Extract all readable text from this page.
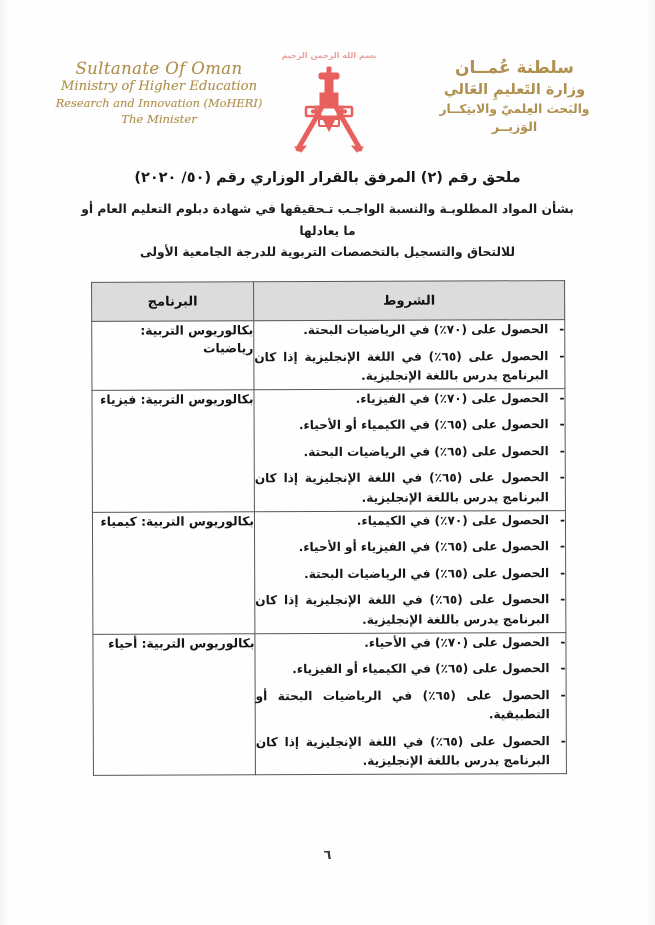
Sultanate Of Oman
Ministry of Higher Education
Research and Innovation (MoHERI)
The Minister
بسم الله الرحمن الرحيم
سلطنة عُمــان
وزارة التَعليمِ العَالي
والبَحث العِلميّ والابتِكــار
الوَزيــر
ملحق رقم (٢) المرفق بالقرار الوزاري رقم (٥٠/ ٢٠٢٠)
بشأن المواد المطلوبـة والنسبة الواجـب تـحقيقها في شهادة دبلوم التعليم العام أو ما يعادلها
للالتحاق والتسجيل بالتخصصات التربوية للدرجة الجامعية الأولى
الشروط	البرنامج

-
الحصول على (٧٠٪) في الرياضيات البحتة.
-
الحصول على (٦٥٪) في اللغة الإنجليزية إذا كان البرنامج يدرس باللغة الإنجليزية.
	بكالوريوس التربية: رياضيات

-
الحصول على (٧٠٪) في الفيزياء.
-
الحصول على (٦٥٪) في الكيمياء أو الأحياء.
-
الحصول على (٦٥٪) في الرياضيات البحتة.
-
الحصول على (٦٥٪) في اللغة الإنجليزية إذا كان البرنامج يدرس باللغة الإنجليزية.
	بكالوريوس التربية: فيزياء

-
الحصول على (٧٠٪) في الكيمياء.
-
الحصول على (٦٥٪) في الفيزياء أو الأحياء.
-
الحصول على (٦٥٪) في الرياضيات البحتة.
-
الحصول على (٦٥٪) في اللغة الإنجليزية إذا كان البرنامج يدرس باللغة الإنجليزية.
	بكالوريوس التربية: كيمياء

-
الحصول على (٧٠٪) في الأحياء.
-
الحصول على (٦٥٪) في الكيمياء أو الفيزياء.
-
الحصول على (٦٥٪) في الرياضيات البحتة أو التطبيقية.
-
الحصول على (٦٥٪) في اللغة الإنجليزية إذا كان البرنامج يدرس باللغة الإنجليزية.
	بكالوريوس التربية: أحياء
٦
